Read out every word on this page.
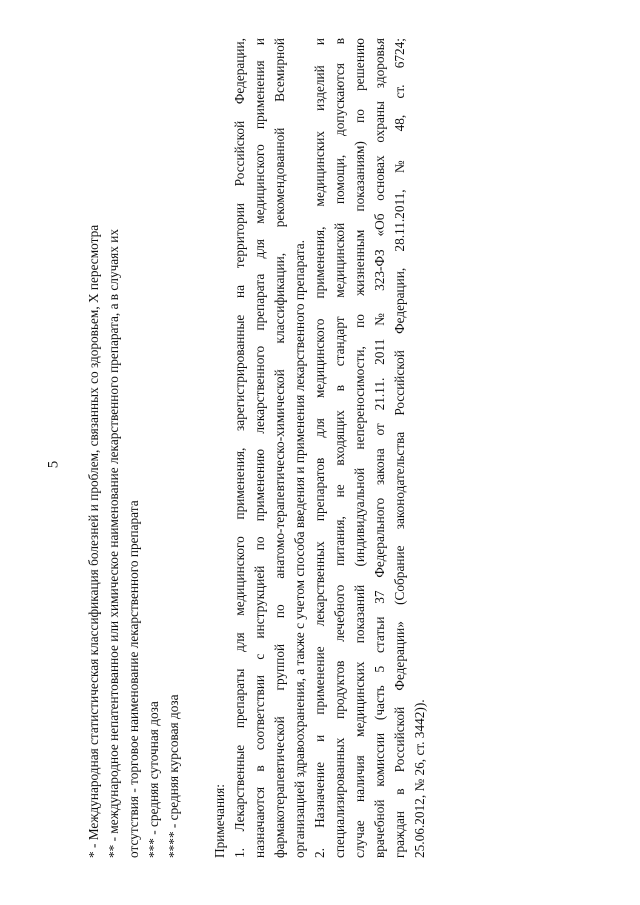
5 * - Международная статистическая классификация болезней и проблем, связанных со здоровьем, Х пересмотра ** - международное непатентованное или химическое наименование лекарственного препарата, а в случаях их отсутствия - торговое наименование лекарственного препарата *** - средняя суточная доза **** - средняя курсовая доза Примечания: 1. Лекарственные препараты для медицинского применения, зарегистрированные на территории Российской Федерации, назначаются в соответствии с инструкцией по применению лекарственного препарата для медицинского применения и фармакотерапевтической группой по анатомо-терапевтическо-химической классификации, рекомендованной Всемирной организацией здравоохранения, а также с учетом способа введения и применения лекарственного препарата. 2. Назначение и применение лекарственных препаратов для медицинского применения, медицинских изделий и специализированных продуктов лечебного питания, не входящих в стандарт медицинской помощи, допускаются в случае наличия медицинских показаний (индивидуальной непереносимости, по жизненным показаниям) по решению врачебной комиссии (часть 5 статьи 37 Федерального закона от 21.11. 2011 № 323-ФЗ «Об основах охраны здоровья граждан в Российской Федерации» (Собрание законодательства Российской Федерации, 28.11.2011, № 48, ст. 6724; 25.06.2012, № 26, ст. 3442)).
